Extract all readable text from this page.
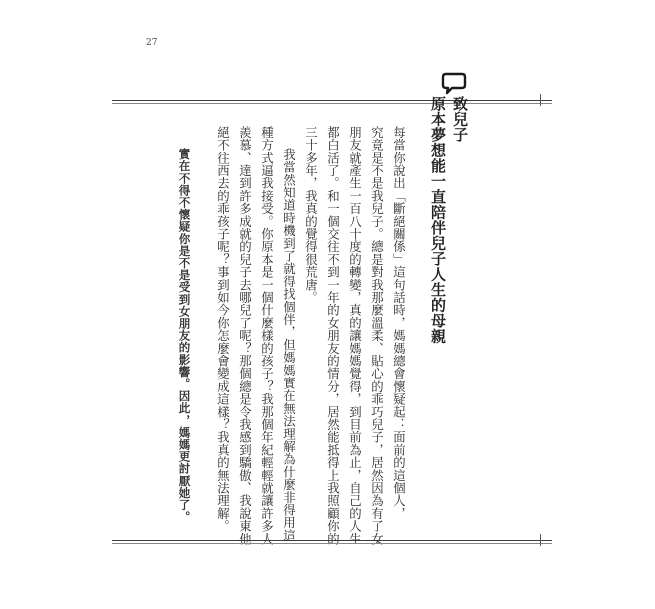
27
致兒子
原本夢想能一直陪伴兒子人生的母親
每當你說出「斷絕關係」這句話時，媽媽總會懷疑起：面前的這個人，
究竟是不是我兒子。總是對我那麼溫柔、貼心的乖巧兒子，居然因為有了女
朋友就產生一百八十度的轉變，真的讓媽媽覺得，到目前為止，自己的人生
都白活了。和一個交往不到一年的女朋友的情分，居然能抵得上我照顧你的
三十多年，我真的覺得很荒唐。
我當然知道時機到了就得找個伴，但媽媽實在無法理解為什麼非得用這
種方式逼我接受。你原本是一個什麼樣的孩子？我那個年紀輕輕就讓許多人
羨慕、達到許多成就的兒子去哪兒了呢？那個總是令我感到驕傲、我說東他
絕不往西去的乖孩子呢？事到如今你怎麼會變成這樣？我真的無法理解。
實在不得不懷疑你是不是受到女朋友的影響。因此，媽媽更討厭她了。
